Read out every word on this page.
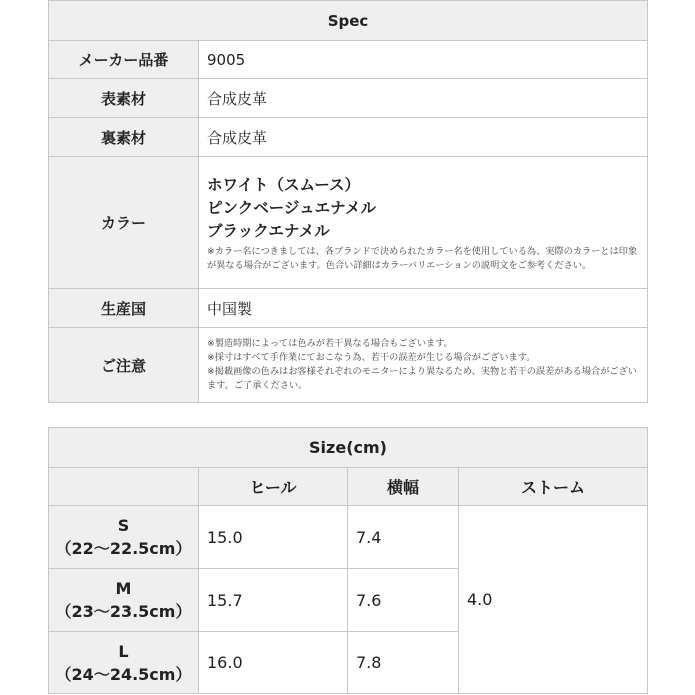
Spec	
メーカー品番	9005
表素材	合成皮革
裏素材	合成皮革
カラー	ホワイト（スムース）
ピンクベージュエナメル
ブラックエナメル
※カラー名につきましては、各ブランドで決められたカラー名を使用している為、実際のカラーとは印象が異なる場合がございます。色合い詳細はカラーバリエーションの説明文をご参考ください。

生産国	中国製
ご注意	※製造時期によっては色みが若干異なる場合もございます。
※採寸はすべて手作業にておこなう為、若干の誤差が生じる場合がございます。
※掲載画像の色みはお客様それぞれのモニターにより異なるため、実物と若干の誤差がある場合がございます。ご了承ください。
Size(cm)			
	ヒール	横幅	ストーム

S
（22〜22.5cm）	15.0	7.4	4.0

M
（23〜23.5cm）	15.7	7.6	

L
（24〜24.5cm）	16.0	7.8	
